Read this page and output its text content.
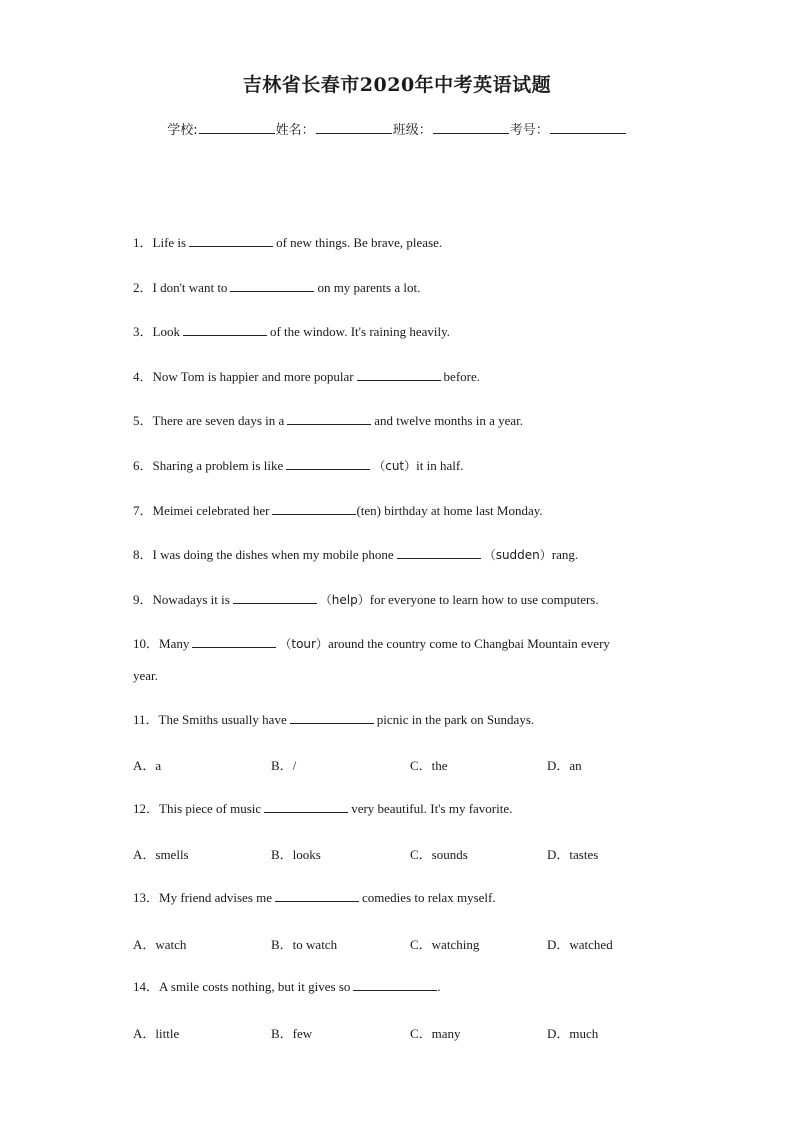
吉林省长春市2020年中考英语试题
学校:	姓名：	班级：	考号：
1．Life is	of new things. Be brave, please.
2．I don't want to	on my parents a lot.
3．Look	of the window. It's raining heavily.
4．Now Tom is happier and more popular	before.
5．There are seven days in a	and twelve months in a year.
6．Sharing a problem is like	（cut）it in half.
7．Meimei celebrated her	(ten) birthday at home last Monday.
8．I was doing the dishes when my mobile phone	（sudden）rang.
9．Nowadays it is	（help）for everyone to learn how to use computers.
10．Many	（tour）around the country come to Changbai Mountain every year.
11．The Smiths usually have	picnic in the park on Sundays.
A．a	B．/	C．the	D．an
12．This piece of music	very beautiful. It's my favorite.
A．smells	B．looks	C．sounds	D．tastes
13．My friend advises me	comedies to relax myself.
A．watch	B．to watch	C．watching	D．watched
14．A smile costs nothing, but it gives so	.
A．little	B．few	C．many	D．much
